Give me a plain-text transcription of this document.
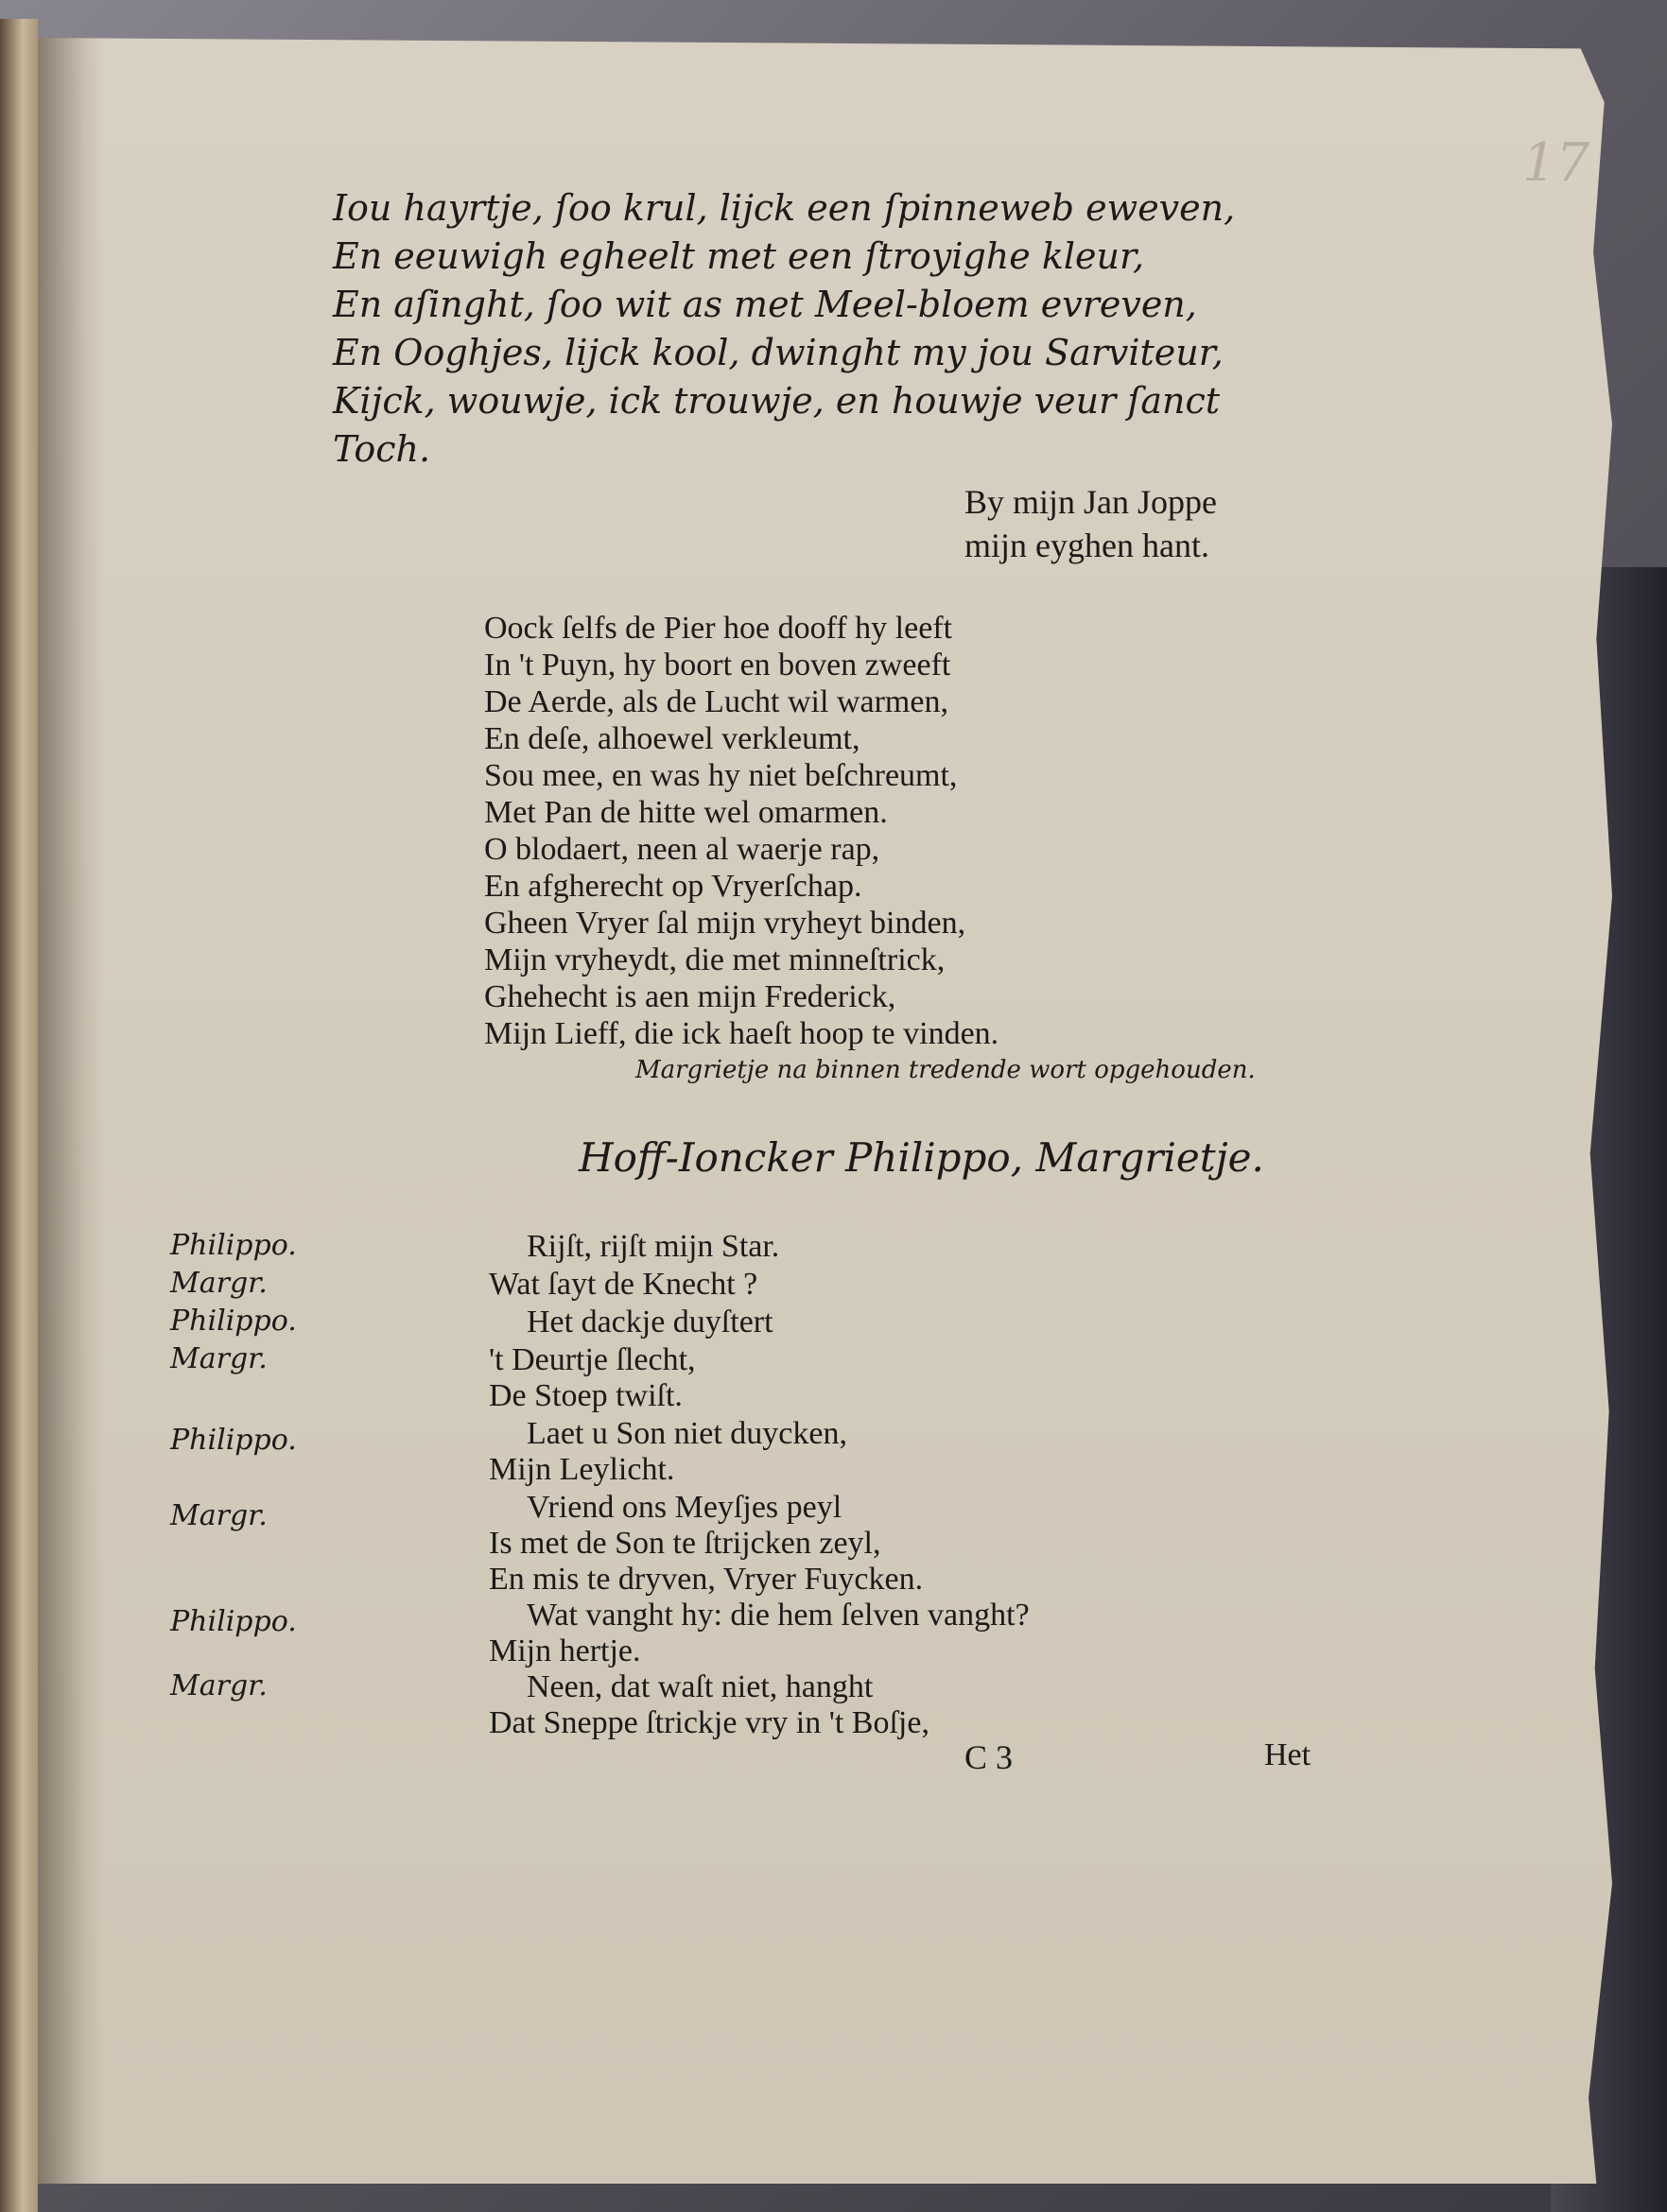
17
Iou hayrtje, ſoo krul, lijck een ſpinneweb eweven,
En eeuwigh egheelt met een ſtroyighe kleur,
En aſinght, ſoo wit as met Meel-bloem evreven,
En Ooghjes, lijck kool, dwinght my jou Sarviteur,
Kijck, wouwje, ick trouwje, en houwje veur ſanct
Toch.
By mijn Jan Joppe
mijn eyghen hant.
Oock ſelfs de Pier hoe dooff hy leeft
In 't Puyn, hy boort en boven zweeft
De Aerde, als de Lucht wil warmen,
En deſe, alhoewel verkleumt,
Sou mee, en was hy niet beſchreumt,
Met Pan de hitte wel omarmen.
O blodaert, neen al waerje rap,
En afgherecht op Vryerſchap.
Gheen Vryer ſal mijn vryheyt binden,
Mijn vryheydt, die met minneſtrick,
Ghehecht is aen mijn Frederick,
Mijn Lieff, die ick haeſt hoop te vinden.
Margrietje na binnen tredende wort opgehouden.
Hoff-Ioncker Philippo, Margrietje.
Philippo.
Margr.
Philippo.
Margr.
Philippo.
Margr.
Philippo.
Margr.
Rijſt, rijſt mijn Star.
Wat ſayt de Knecht ?
Het dackje duyſtert
't Deurtje ſlecht,
De Stoep twiſt.
Laet u Son niet duycken,
Mijn Leylicht.
Vriend ons Meyſjes peyl
Is met de Son te ſtrijcken zeyl,
En mis te dryven, Vryer Fuycken.
Wat vanght hy: die hem ſelven vanght?
Mijn hertje.
Neen, dat waſt niet, hanght
Dat Sneppe ſtrickje vry in 't Boſje,
C 3	Het
